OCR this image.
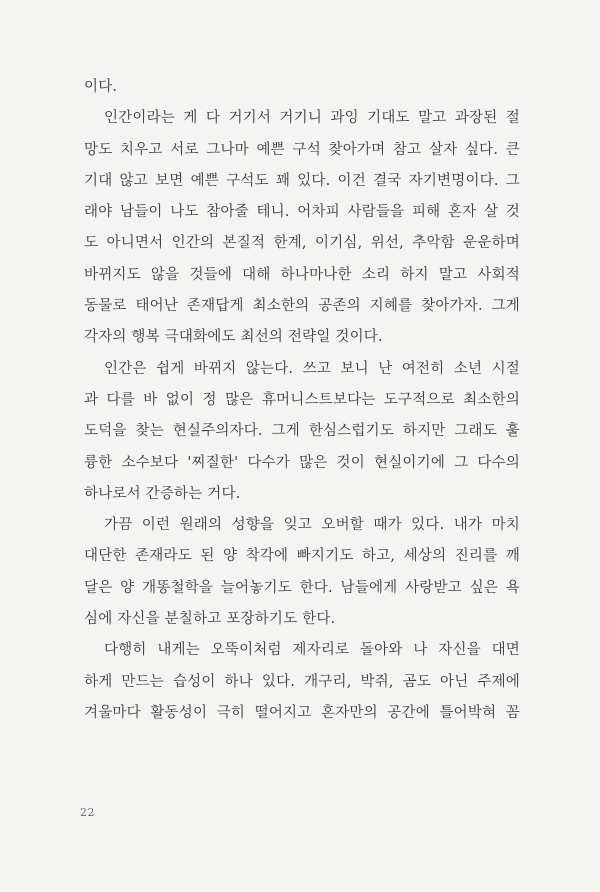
이다.
인간이라는 게 다 거기서 거기니 과잉 기대도 말고 과장된 절
망도 치우고 서로 그나마 예쁜 구석 찾아가며 참고 살자 싶다. 큰
기대 않고 보면 예쁜 구석도 꽤 있다. 이건 결국 자기변명이다. 그
래야 남들이 나도 참아줄 테니. 어차피 사람들을 피해 혼자 살 것
도 아니면서 인간의 본질적 한계, 이기심, 위선, 추악함 운운하며
바뀌지도 않을 것들에 대해 하나마나한 소리 하지 말고 사회적
동물로 태어난 존재답게 최소한의 공존의 지혜를 찾아가자. 그게
각자의 행복 극대화에도 최선의 전략일 것이다.
인간은 쉽게 바뀌지 않는다. 쓰고 보니 난 여전히 소년 시절
과 다를 바 없이 정 많은 휴머니스트보다는 도구적으로 최소한의
도덕을 찾는 현실주의자다. 그게 한심스럽기도 하지만 그래도 훌
륭한 소수보다 '찌질한' 다수가 많은 것이 현실이기에 그 다수의
하나로서 간증하는 거다.
가끔 이런 원래의 성향을 잊고 오버할 때가 있다. 내가 마치
대단한 존재라도 된 양 착각에 빠지기도 하고, 세상의 진리를 깨
달은 양 개똥철학을 늘어놓기도 한다. 남들에게 사랑받고 싶은 욕
심에 자신을 분칠하고 포장하기도 한다.
다행히 내게는 오뚝이처럼 제자리로 돌아와 나 자신을 대면
하게 만드는 습성이 하나 있다. 개구리, 박쥐, 곰도 아닌 주제에
겨울마다 활동성이 극히 떨어지고 혼자만의 공간에 틀어박혀 꼼
22
